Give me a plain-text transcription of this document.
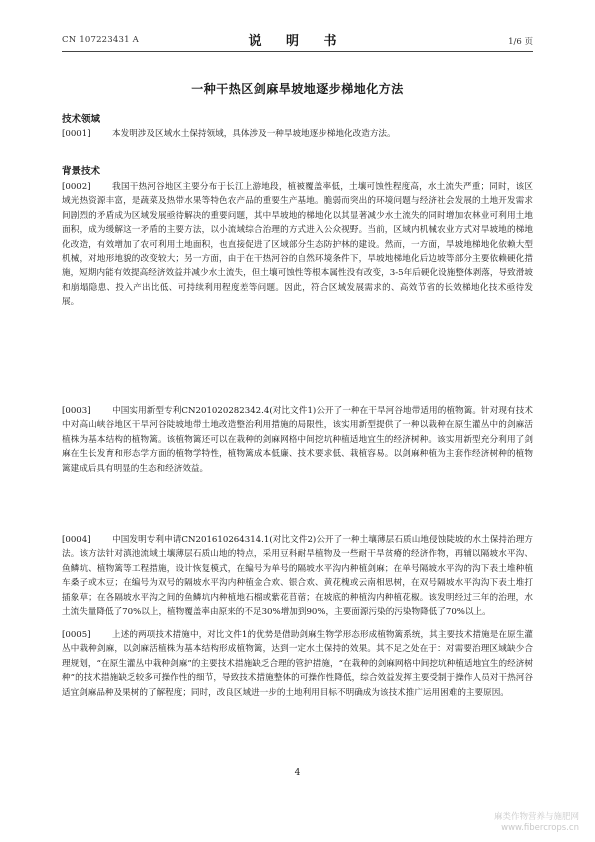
CN 107223431 A	说 明 书	1/6 页
一种干热区剑麻旱坡地逐步梯地化方法
技术领域
[0001] 本发明涉及区域水土保持领域，具体涉及一种旱坡地逐步梯地化改造方法。
背景技术
[0002] 我国干热河谷地区主要分布于长江上游地段，植被覆盖率低，土壤可蚀性程度高，水土流失严重；同时，该区域光热资源丰富，是蔬菜及热带水果等特色农产品的重要生产基地。脆弱而突出的环境问题与经济社会发展的土地开发需求间剧烈的矛盾成为区域发展亟待解决的重要问题，其中旱坡地的梯地化以其显著减少水土流失的同时增加农林业可利用土地面积，成为缓解这一矛盾的主要方法，以小流域综合治理的方式进入公众视野。当前，区域内机械农业方式对旱坡地的梯地化改造，有效增加了农可利用土地面积，也直接促进了区域部分生态防护林的建设。然而，一方面，旱坡地梯地化依赖大型机械，对地形地貌的改变较大；另一方面，由于在干热河谷的自然环境条件下，旱坡地梯地化后边坡等部分主要依赖硬化措施，短期内能有效提高经济效益并减少水土流失，但土壤可蚀性等根本属性没有改变，3-5年后硬化设施整体剥落，导致滑坡和崩塌隐患、投入产出比低、可持续利用程度差等问题。因此，符合区域发展需求的、高效节省的长效梯地化技术亟待发展。
[0003] 中国实用新型专利CN201020282342.4(对比文件1)公开了一种在干旱河谷地带适用的植物篱。针对现有技术中对高山峡谷地区干旱河谷陡坡地带土地改造整治利用措施的局限性，该实用新型提供了一种以栽种在原生灌丛中的剑麻活植株为基本结构的植物篱。该植物篱还可以在栽种的剑麻网格中间挖坑种植适地宜生的经济树种。该实用新型充分利用了剑麻在生长发育和形态学方面的植物学特性，植物篱成本低廉、技术要求低、栽植容易。以剑麻种植为主套作经济树种的植物篱建成后具有明显的生态和经济效益。
[0004] 中国发明专利申请CN201610264314.1(对比文件2)公开了一种土壤薄层石质山地侵蚀陡坡的水土保持治理方法。该方法针对滇池流域土壤薄层石质山地的特点，采用豆科耐旱植物及一些耐干旱贫瘠的经济作物，再辅以隔坡水平沟、鱼鳞坑、植物篱等工程措施，设计恢复模式，在编号为单号的隔坡水平沟内种植剑麻；在单号隔坡水平沟的沟下表土堆种植车桑子或木豆；在编号为双号的隔坡水平沟内种植金合欢、银合欢、黄花槐或云南相思树，在双号隔坡水平沟沟下表土堆打插象草；在各隔坡水平沟之间的鱼鳞坑内种植地石榴或紫花苜蓿；在坡底的种植沟内种植花椒。该发明经过三年的治理，水土流失量降低了70%以上，植物覆盖率由原来的不足30%增加到90%，主要面源污染的污染物降低了70%以上。
[0005] 上述的两项技术措施中，对比文件1的优势是借助剑麻生物学形态形成植物篱系统，其主要技术措施是在原生灌丛中栽种剑麻，以剑麻活植株为基本结构形成植物篱，达到一定水土保持的效果。其不足之处在于：对需要治理区域缺少合理规划，“在原生灌丛中栽种剑麻”的主要技术措施缺乏合理的管护措施，“在栽种的剑麻网格中间挖坑种植适地宜生的经济树种”的技术措施缺乏较多可操作性的细节，导致技术措施整体的可操作性降低，综合效益发挥主要受制于操作人员对干热河谷适宜剑麻品种及果树的了解程度；同时，改良区域进一步的土地利用目标不明确成为该技术推广运用困难的主要原因。
4
麻类作物营养与施肥网
www.fibercrops.cn
